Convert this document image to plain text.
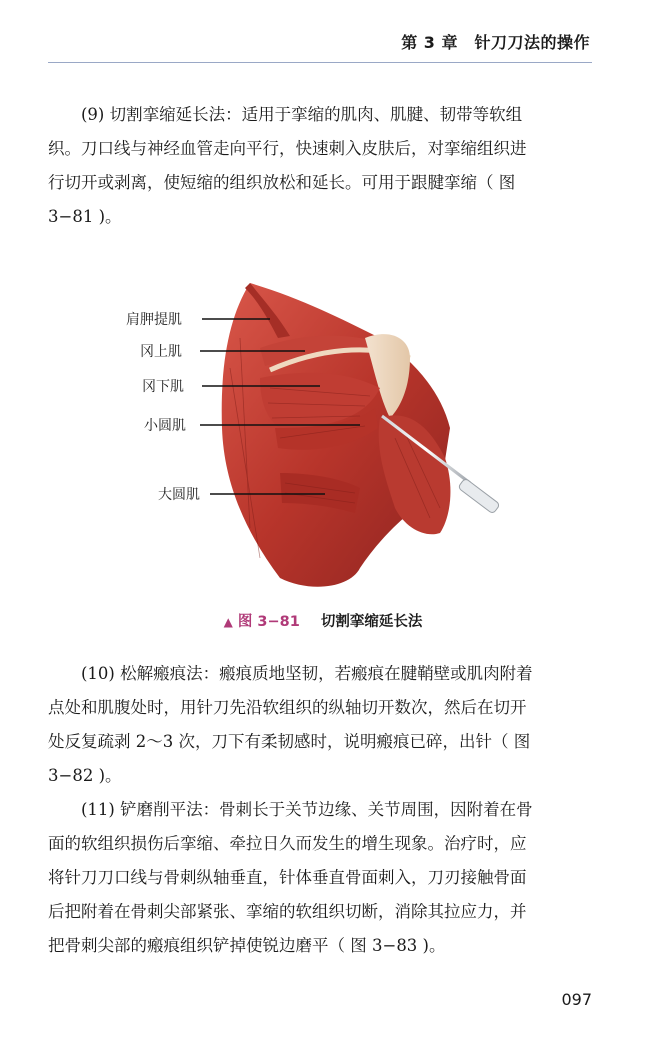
第 3 章　针刀刀法的操作
(9) 切割挛缩延长法：适用于挛缩的肌肉、肌腱、韧带等软组
织。刀口线与神经血管走向平行，快速刺入皮肤后，对挛缩组织进
行切开或剥离，使短缩的组织放松和延长。可用于跟腱挛缩（ 图
3−81 )。
肩胛提肌
冈上肌
冈下肌
小圆肌
大圆肌
▲ 图 3−81 切割挛缩延长法
(10) 松解瘢痕法：瘢痕质地坚韧，若瘢痕在腱鞘壁或肌肉附着
点处和肌腹处时，用针刀先沿软组织的纵轴切开数次，然后在切开
处反复疏剥 2～3 次，刀下有柔韧感时，说明瘢痕已碎，出针（ 图
3−82 )。
(11) 铲磨削平法：骨刺长于关节边缘、关节周围，因附着在骨
面的软组织损伤后挛缩、牵拉日久而发生的增生现象。治疗时，应
将针刀刀口线与骨刺纵轴垂直，针体垂直骨面刺入，刀刃接触骨面
后把附着在骨刺尖部紧张、挛缩的软组织切断，消除其拉应力，并
把骨刺尖部的瘢痕组织铲掉使锐边磨平（ 图 3−83 )。
097
